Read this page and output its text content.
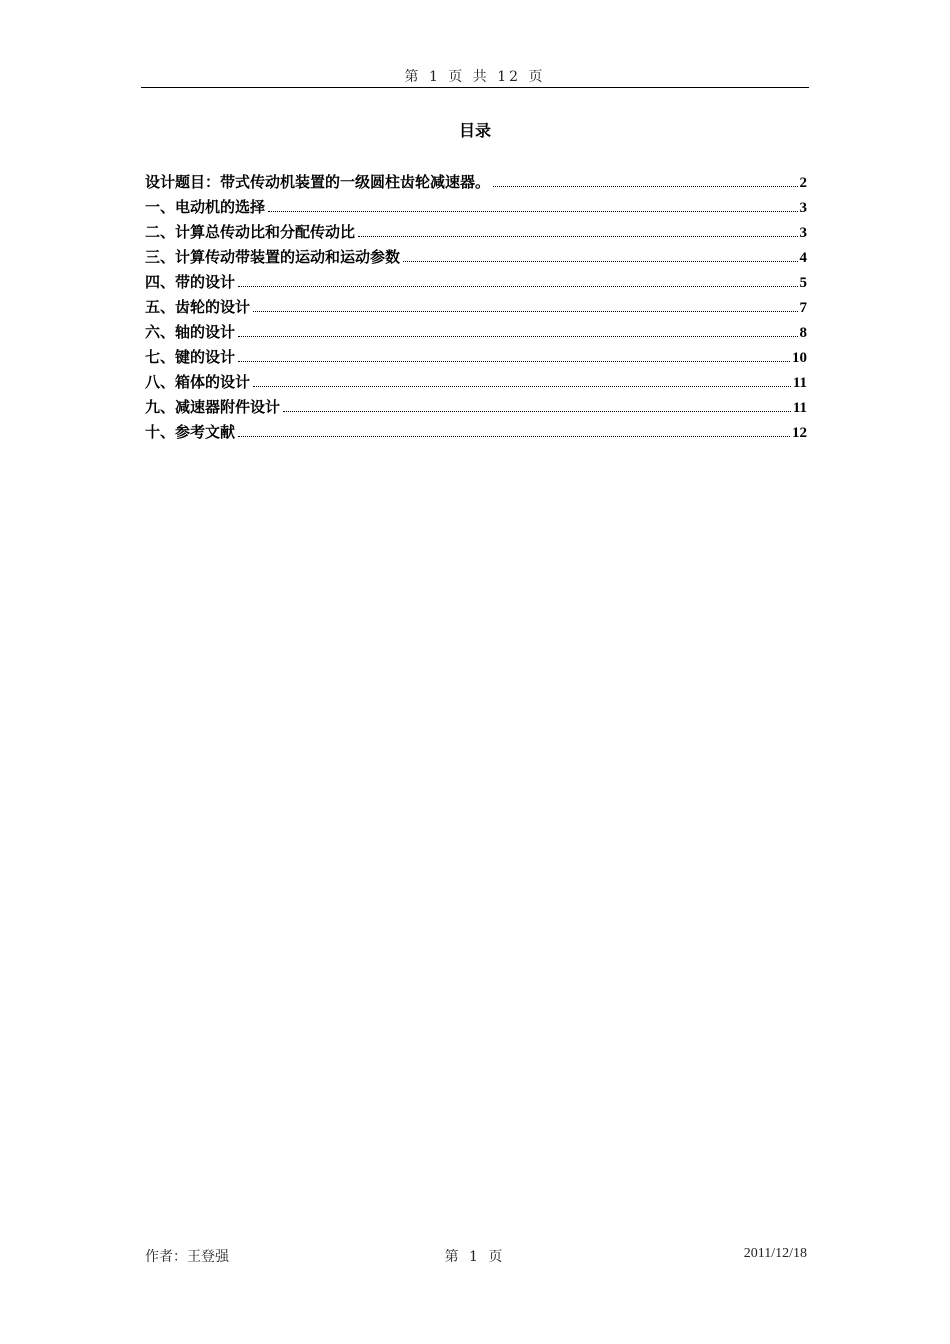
第 1 页 共 12 页
目录
设计题目：带式传动机装置的一级圆柱齿轮减速器。	2
一、电动机的选择	3
二、计算总传动比和分配传动比	3
三、计算传动带装置的运动和运动参数	4
四、带的设计	5
五、齿轮的设计	7
六、轴的设计	8
七、键的设计	10
八、箱体的设计	11
九、减速器附件设计	11
十、参考文献	12
作者：王登强	第 1 页	2011/12/18
